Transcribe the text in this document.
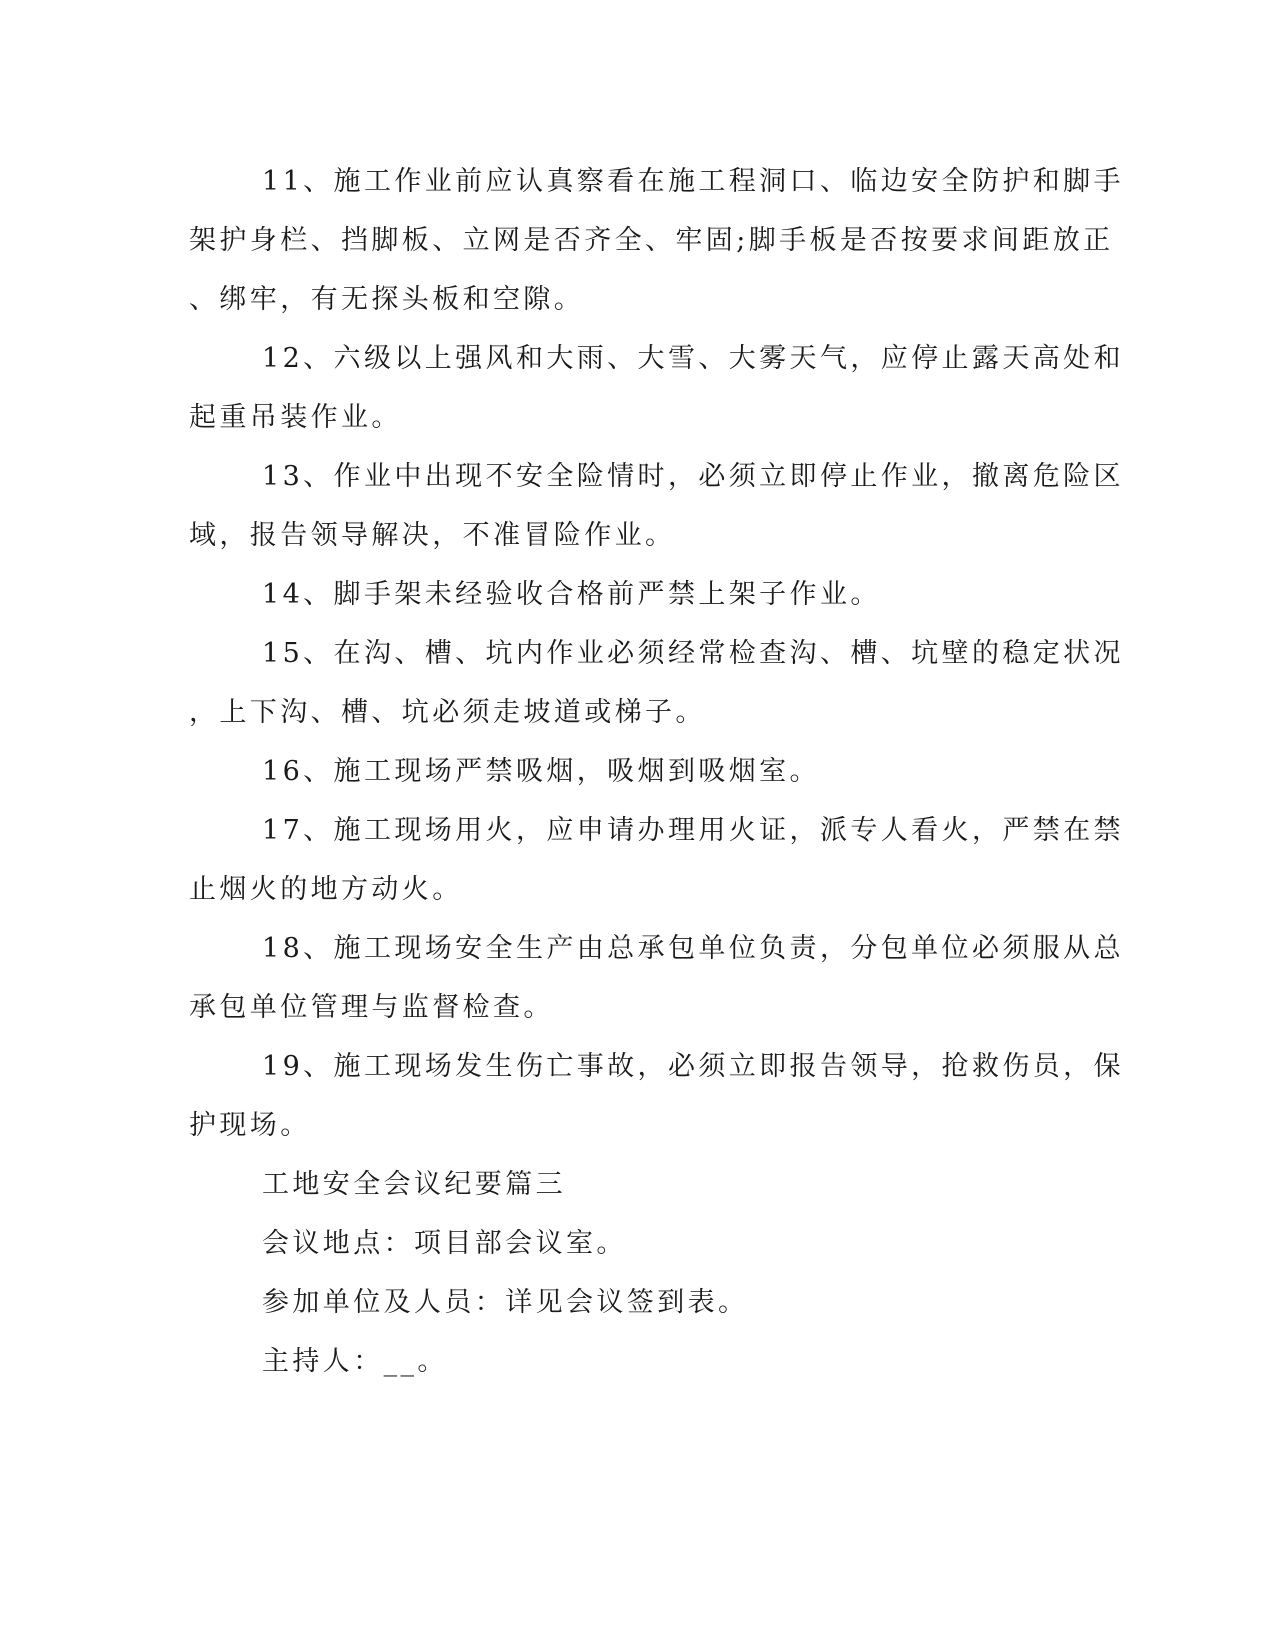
11、施工作业前应认真察看在施工程洞口、临边安全防护和脚手
架护身栏、挡脚板、立网是否齐全、牢固;脚手板是否按要求间距放正
、绑牢，有无探头板和空隙。
12、六级以上强风和大雨、大雪、大雾天气，应停止露天高处和
起重吊装作业。
13、作业中出现不安全险情时，必须立即停止作业，撤离危险区
域，报告领导解决，不准冒险作业。
14、脚手架未经验收合格前严禁上架子作业。
15、在沟、槽、坑内作业必须经常检查沟、槽、坑壁的稳定状况
，上下沟、槽、坑必须走坡道或梯子。
16、施工现场严禁吸烟，吸烟到吸烟室。
17、施工现场用火，应申请办理用火证，派专人看火，严禁在禁
止烟火的地方动火。
18、施工现场安全生产由总承包单位负责，分包单位必须服从总
承包单位管理与监督检查。
19、施工现场发生伤亡事故，必须立即报告领导，抢救伤员，保
护现场。
工地安全会议纪要篇三
会议地点：项目部会议室。
参加单位及人员：详见会议签到表。
主持人：__。
